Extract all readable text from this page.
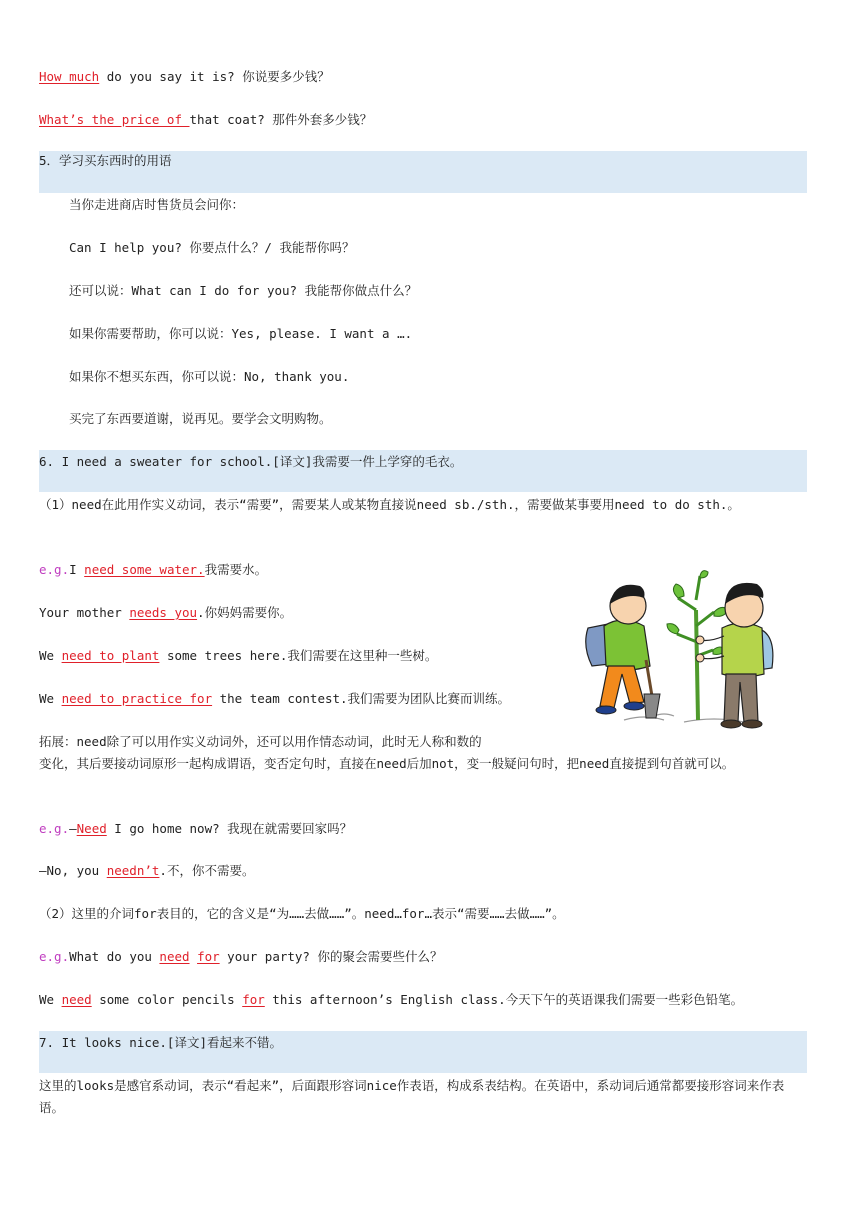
How much do you say it is? 你说要多少钱？
What’s the price of that coat? 那件外套多少钱？
5．学习买东西时的用语
当你走进商店时售货员会问你：
Can I help you? 你要点什么？/ 我能帮你吗？
还可以说：What can I do for you? 我能帮你做点什么？
如果你需要帮助，你可以说：Yes, please. I want a ….
如果你不想买东西，你可以说：No, thank you.
买完了东西要道谢，说再见。要学会文明购物。
6. I need a sweater for school.[译文]我需要一件上学穿的毛衣。
（1）need在此用作实义动词，表示“需要”，需要某人或某物直接说need sb./sth.，需要做某事要用need to do sth.。
e.g.I need some water.我需要水。
Your mother needs you.你妈妈需要你。
We need to plant some trees here.我们需要在这里种一些树。
We need to practice for the team contest.我们需要为团队比赛而训练。
拓展：need除了可以用作实义动词外，还可以用作情态动词，此时无人称和数的
变化，其后要接动词原形一起构成谓语，变否定句时，直接在need后加not，变一般疑问句时，把need直接提到句首就可以。
e.g.—Need I go home now? 我现在就需要回家吗？
—No, you needn’t.不，你不需要。
（2）这里的介词for表目的，它的含义是“为……去做……”。need…for…表示“需要……去做……”。
e.g.What do you need for your party? 你的聚会需要些什么？
We need some color pencils for this afternoon’s English class.今天下午的英语课我们需要一些彩色铅笔。
7. It looks nice.[译文]看起来不错。
这里的looks是感官系动词，表示“看起来”，后面跟形容词nice作表语，构成系表结构。在英语中，系动词后通常都要接形容词来作表语。
